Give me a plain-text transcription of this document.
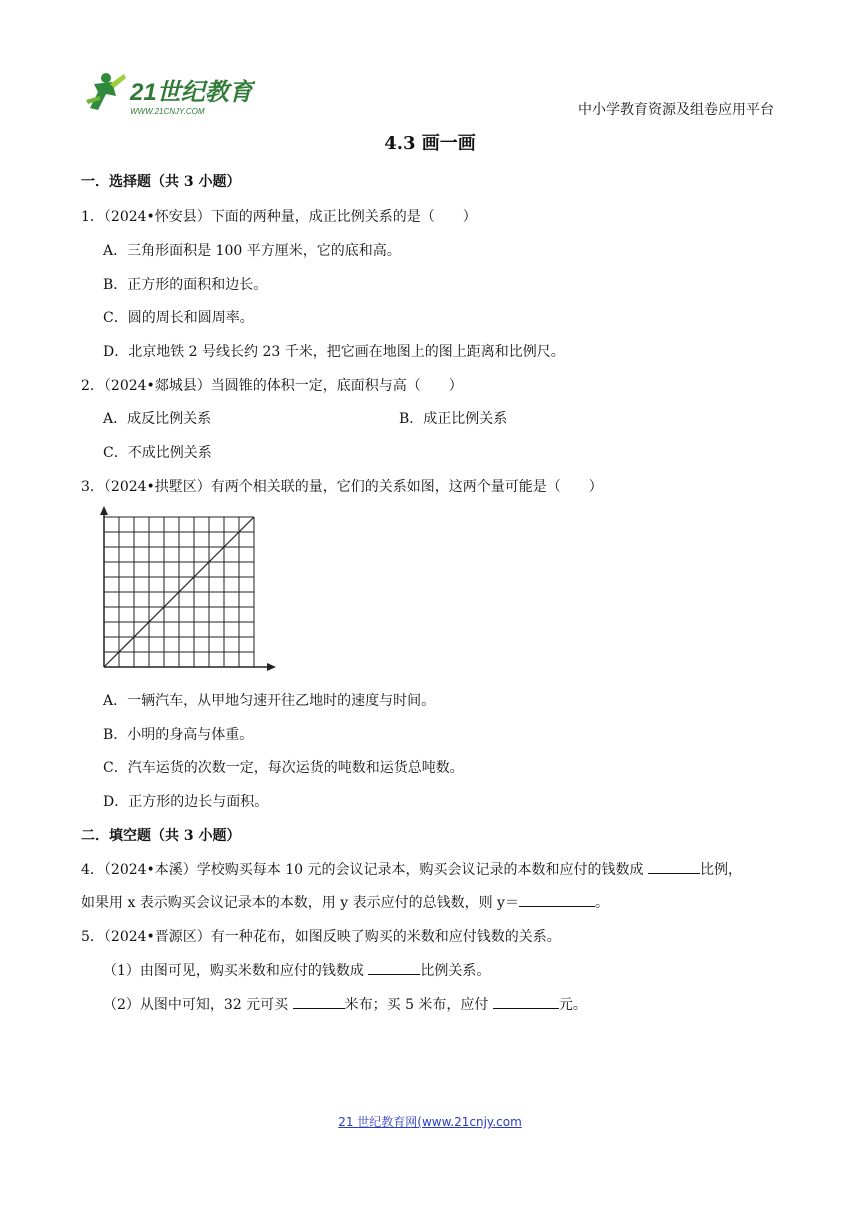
21世纪教育
WWW.21CNJY.COM	中小学教育资源及组卷应用平台
4.3 画一画
一．选择题（共 3 小题）
1．（2024•怀安县）下面的两种量，成正比例关系的是（　　）
A．三角形面积是 100 平方厘米，它的底和高。
B．正方形的面积和边长。
C．圆的周长和圆周率。
D．北京地铁 2 号线长约 23 千米，把它画在地图上的图上距离和比例尺。
2．（2024•郯城县）当圆锥的体积一定，底面积与高（　　）
A．成反比例关系	B．成正比例关系
C．不成比例关系
3．（2024•拱墅区）有两个相关联的量，它们的关系如图，这两个量可能是（　　）
A．一辆汽车，从甲地匀速开往乙地时的速度与时间。
B．小明的身高与体重。
C．汽车运货的次数一定，每次运货的吨数和运货总吨数。
D．正方形的边长与面积。
二．填空题（共 3 小题）
4．（2024•本溪）学校购买每本 10 元的会议记录本，购买会议记录的本数和应付的钱数成	比例，
如果用 x 表示购买会议记录本的本数，用 y 表示应付的总钱数，则 y＝	。
5．（2024•晋源区）有一种花布，如图反映了购买的米数和应付钱数的关系。
（1）由图可见，购买米数和应付的钱数成	比例关系。
（2）从图中可知，32 元可买	米布；买 5 米布，应付	元。
21 世纪教育网(www.21cnjy.com
